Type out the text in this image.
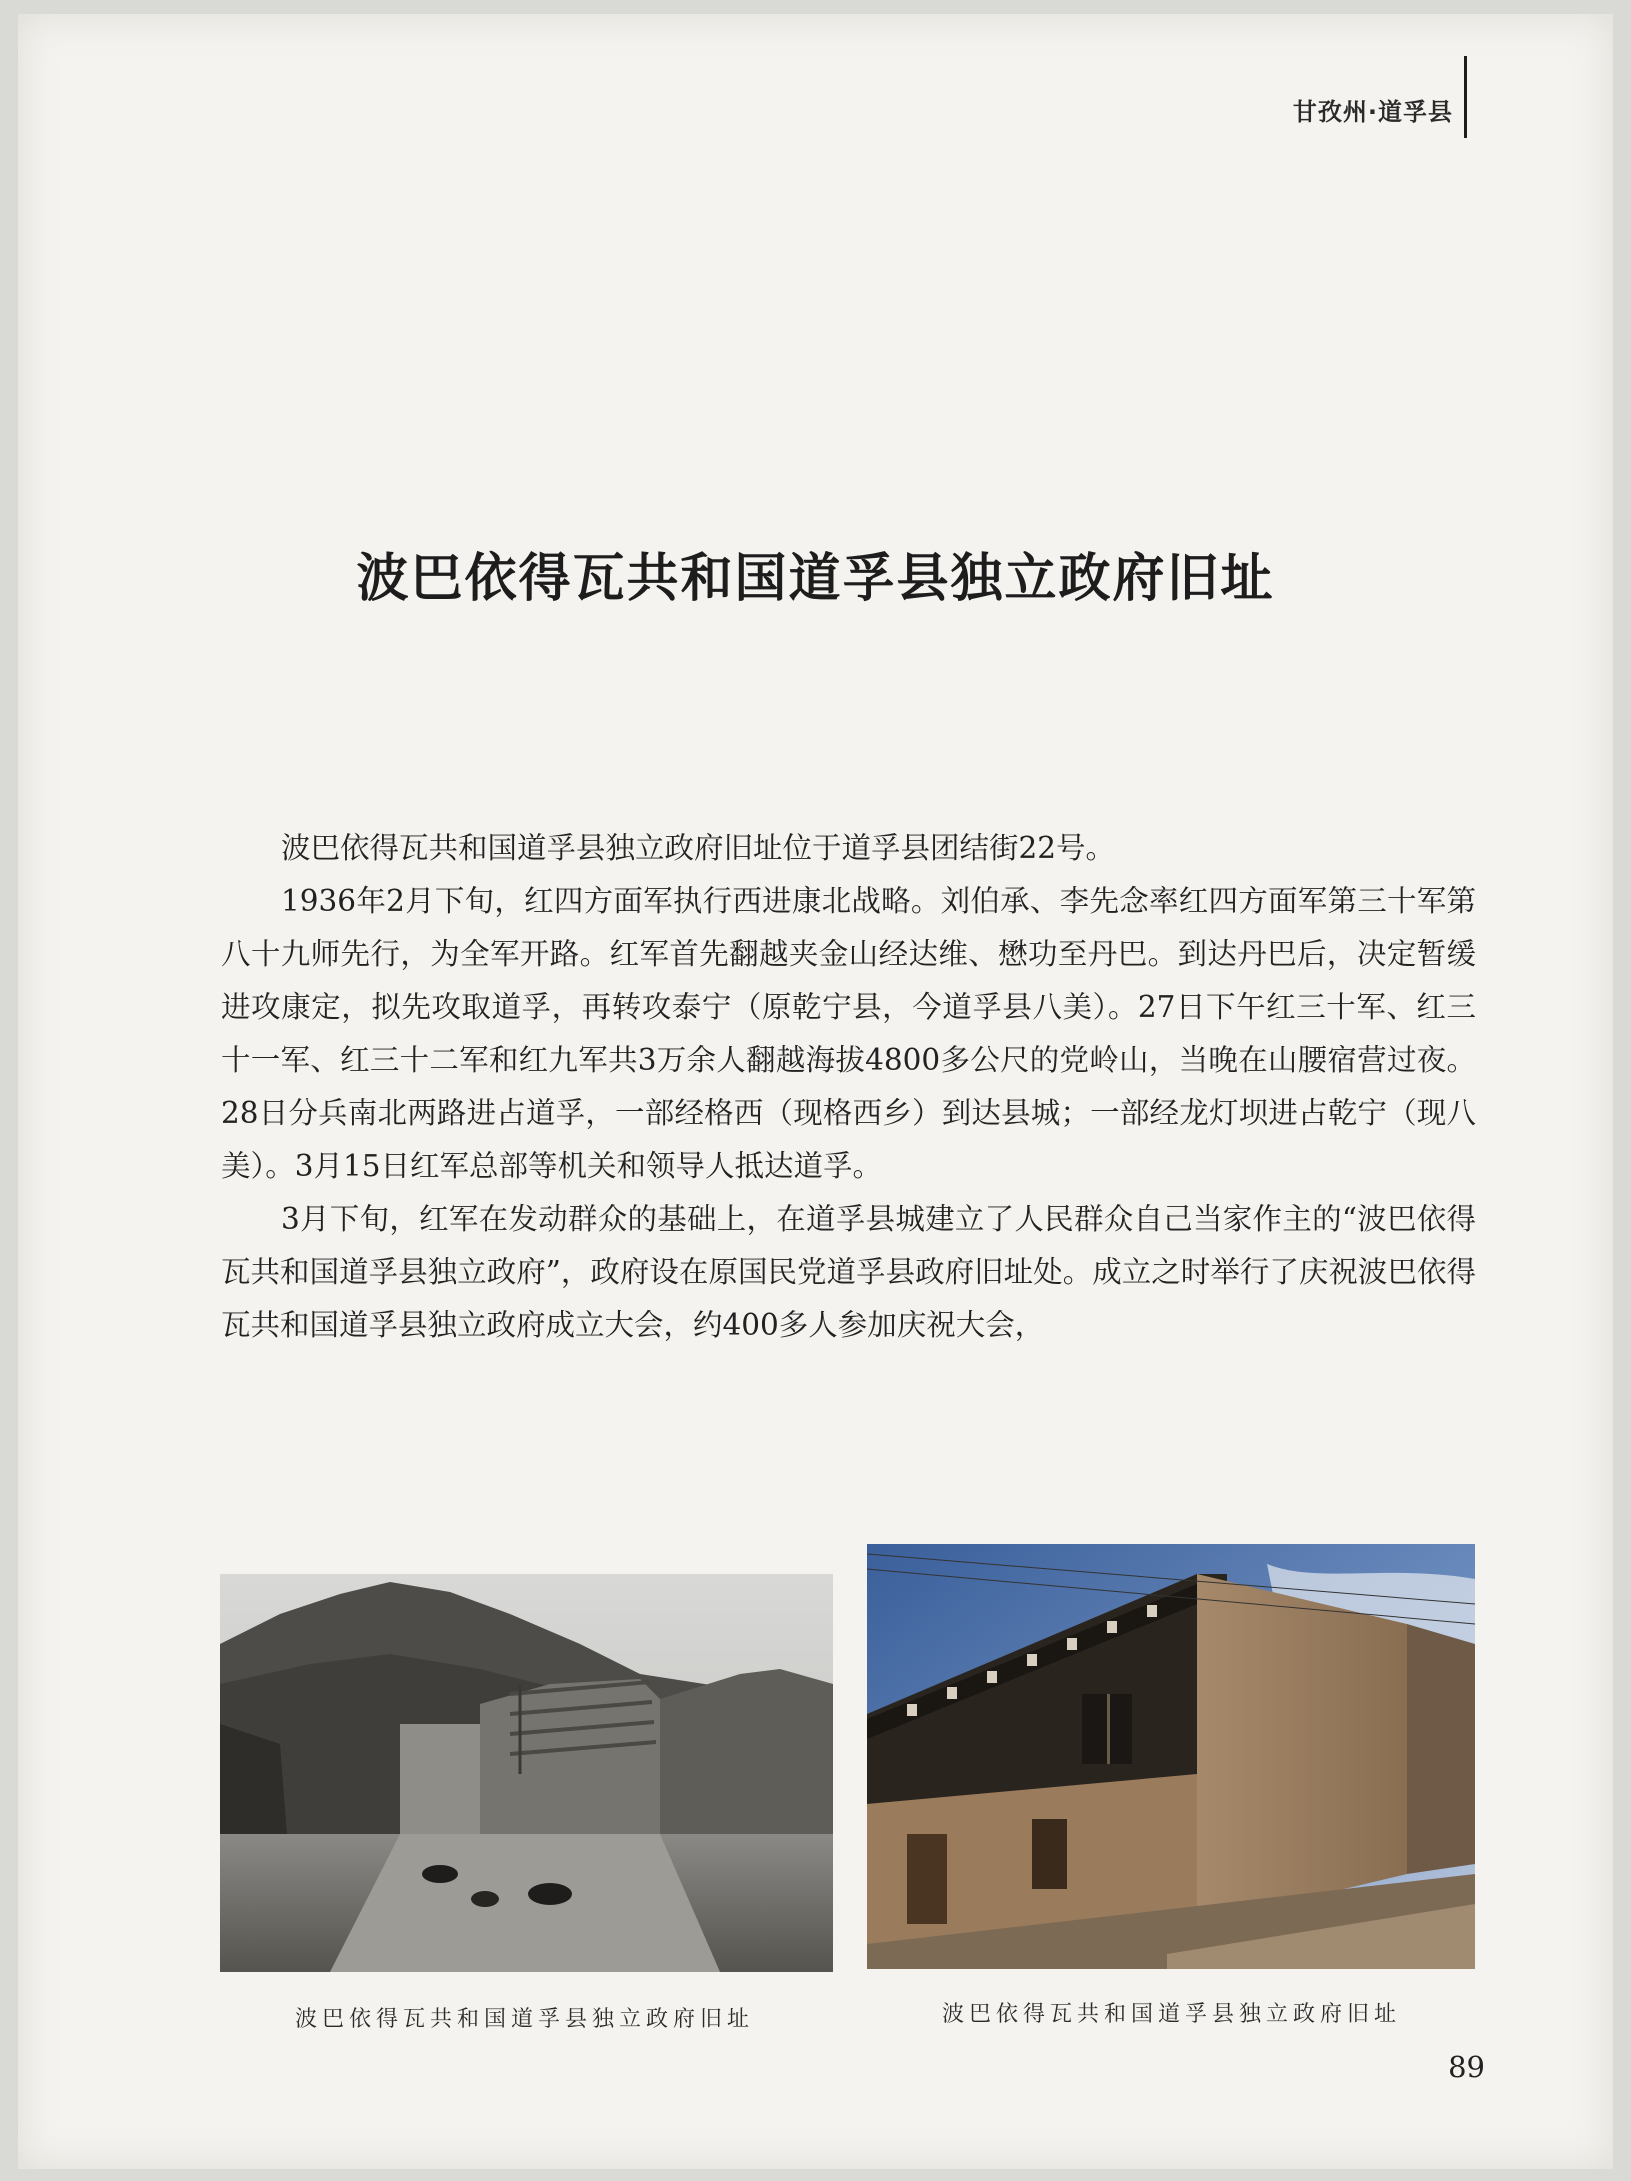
甘孜州·道孚县
波巴依得瓦共和国道孚县独立政府旧址

波巴依得瓦共和国道孚县独立政府旧址位于道孚县团结街22号。

1936年2月下旬，红四方面军执行西进康北战略。刘伯承、李先念率红四方面军第三十军第八十九师先行，为全军开路。红军首先翻越夹金山经达维、懋功至丹巴。到达丹巴后，决定暂缓进攻康定，拟先攻取道孚，再转攻泰宁（原乾宁县，今道孚县八美）。27日下午红三十军、红三十一军、红三十二军和红九军共3万余人翻越海拔4800多公尺的党岭山，当晚在山腰宿营过夜。28日分兵南北两路进占道孚，一部经格西（现格西乡）到达县城；一部经龙灯坝进占乾宁（现八美）。3月15日红军总部等机关和领导人抵达道孚。

3月下旬，红军在发动群众的基础上，在道孚县城建立了人民群众自己当家作主的“波巴依得瓦共和国道孚县独立政府”，政府设在原国民党道孚县政府旧址处。成立之时举行了庆祝波巴依得瓦共和国道孚县独立政府成立大会，约400多人参加庆祝大会，

波巴依得瓦共和国道孚县独立政府旧址	波巴依得瓦共和国道孚县独立政府旧址
89
